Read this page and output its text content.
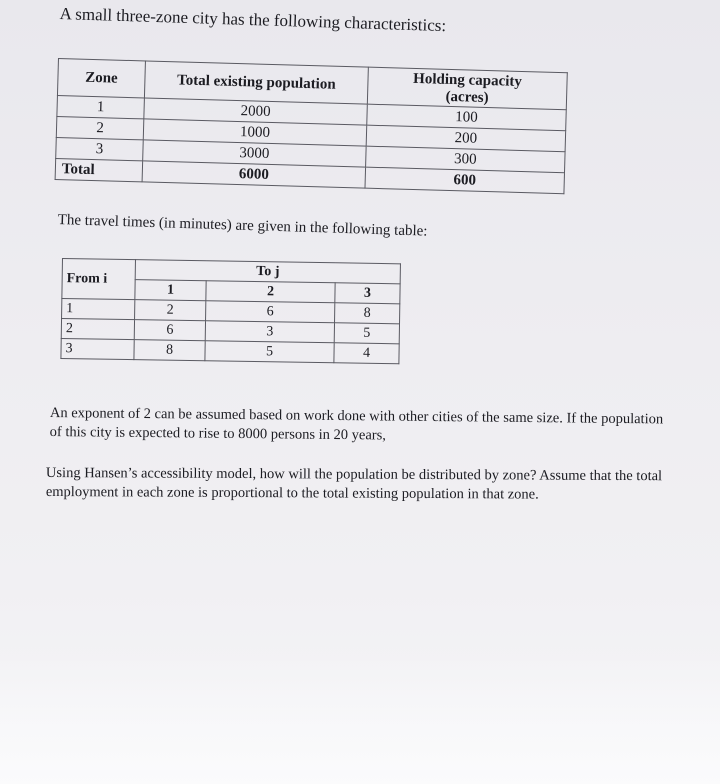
A small three-zone city has the following characteristics:
Zone	Total existing population	Holding capacity
(acres)

1	2000	100
2	1000	200
3	3000	300
Total	6000	600
The travel times (in minutes) are given in the following table:
From i	To j		
	1	2	3
1	2	6	8
2	6	3	5
3	8	5	4
An exponent of 2 can be assumed based on work done with other cities of the same size. If the population of this city is expected to rise to 8000 persons in 20 years,
Using Hansen’s accessibility model, how will the population be distributed by zone? Assume that the total employment in each zone is proportional to the total existing population in that zone.
